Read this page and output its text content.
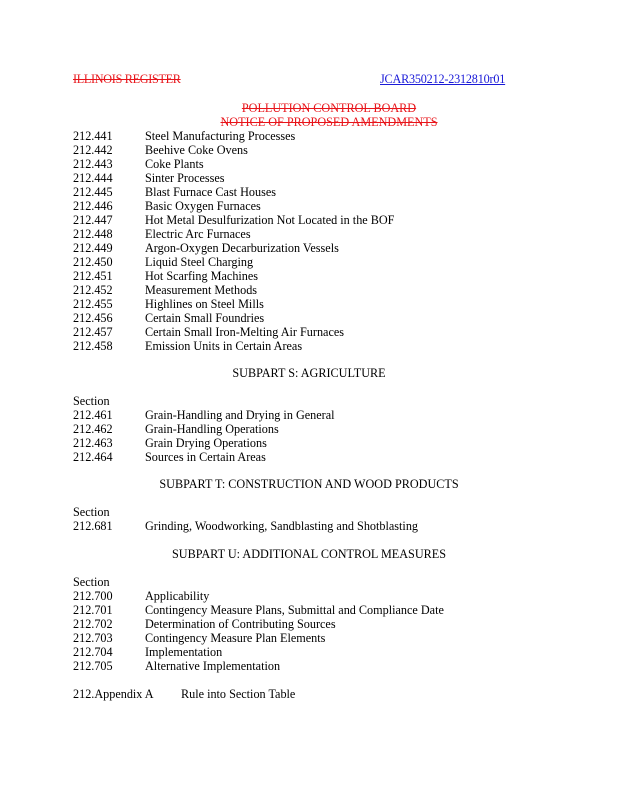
ILLINOIS REGISTER	JCAR350212-2312810r01
POLLUTION CONTROL BOARD
NOTICE OF PROPOSED AMENDMENTS
212.441	Steel Manufacturing Processes
212.442	Beehive Coke Ovens
212.443	Coke Plants
212.444	Sinter Processes
212.445	Blast Furnace Cast Houses
212.446	Basic Oxygen Furnaces
212.447	Hot Metal Desulfurization Not Located in the BOF
212.448	Electric Arc Furnaces
212.449	Argon-Oxygen Decarburization Vessels
212.450	Liquid Steel Charging
212.451	Hot Scarfing Machines
212.452	Measurement Methods
212.455	Highlines on Steel Mills
212.456	Certain Small Foundries
212.457	Certain Small Iron-Melting Air Furnaces
212.458	Emission Units in Certain Areas
SUBPART S: AGRICULTURE
Section
212.461	Grain-Handling and Drying in General
212.462	Grain-Handling Operations
212.463	Grain Drying Operations
212.464	Sources in Certain Areas
SUBPART T: CONSTRUCTION AND WOOD PRODUCTS
Section
212.681	Grinding, Woodworking, Sandblasting and Shotblasting
SUBPART U: ADDITIONAL CONTROL MEASURES
Section
212.700	Applicability
212.701	Contingency Measure Plans, Submittal and Compliance Date
212.702	Determination of Contributing Sources
212.703	Contingency Measure Plan Elements
212.704	Implementation
212.705	Alternative Implementation
212.Appendix A Rule into Section Table
